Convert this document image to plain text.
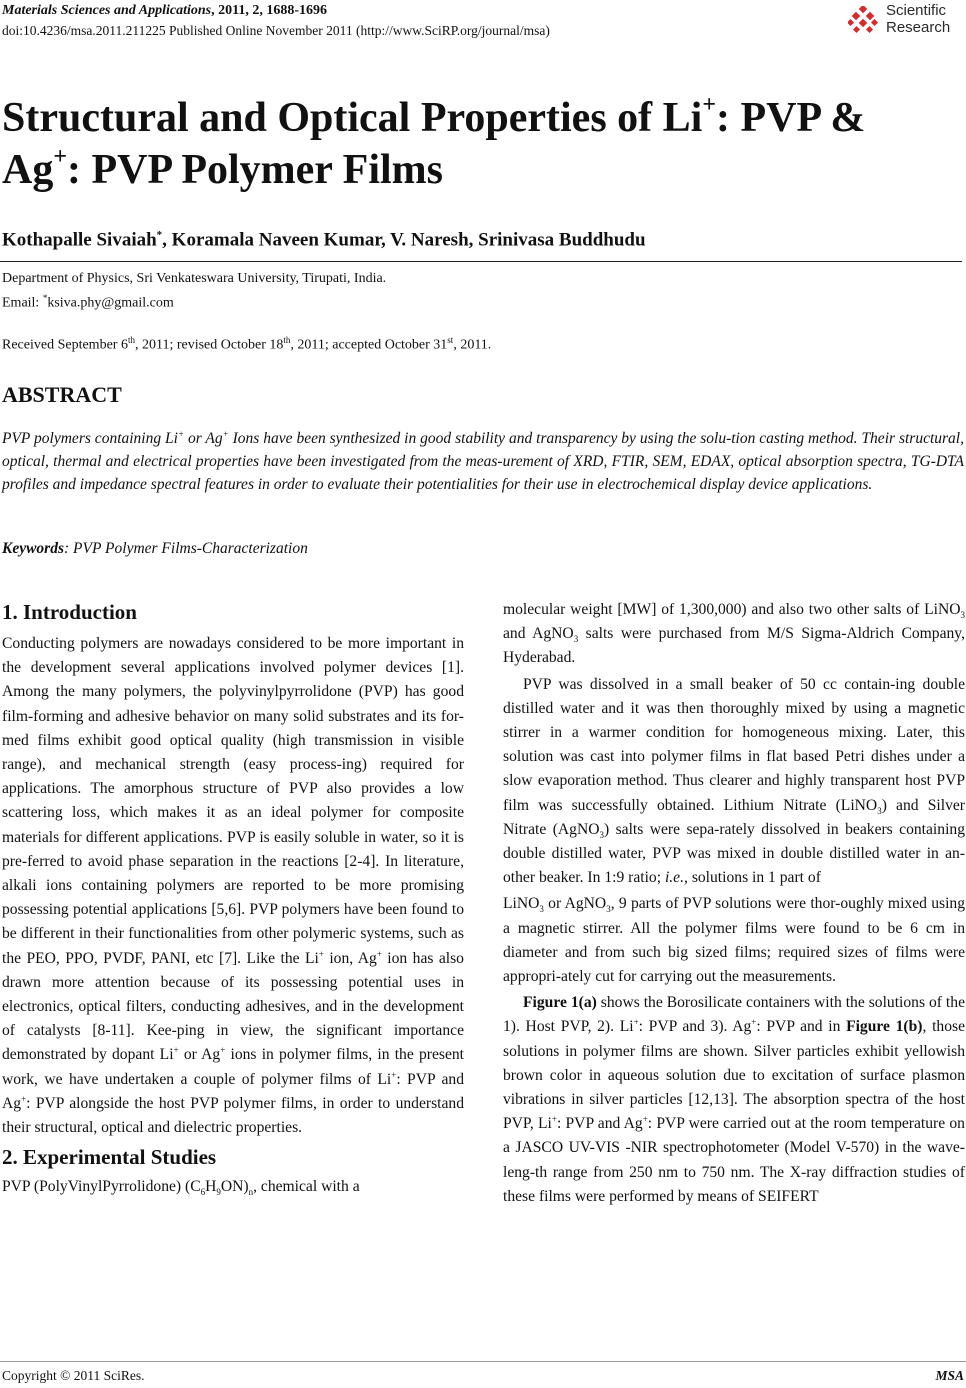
Materials Sciences and Applications, 2011, 2, 1688-1696
doi:10.4236/msa.2011.211225 Published Online November 2011 (http://www.SciRP.org/journal/msa)
Scientific
Research
Structural and Optical Properties of Li+: PVP &
Ag+: PVP Polymer Films
Kothapalle Sivaiah*, Koramala Naveen Kumar, V. Naresh, Srinivasa Buddhudu
Department of Physics, Sri Venkateswara University, Tirupati, India.
Email: *ksiva.phy@gmail.com
Received September 6th, 2011; revised October 18th, 2011; accepted October 31st, 2011.
ABSTRACT
PVP polymers containing Li+ or Ag+ Ions have been synthesized in good stability and transparency by using the solu-tion casting method. Their structural, optical, thermal and electrical properties have been investigated from the meas-urement of XRD, FTIR, SEM, EDAX, optical absorption spectra, TG-DTA profiles and impedance spectral features in order to evaluate their potentialities for their use in electrochemical display device applications.
Keywords: PVP Polymer Films-Characterization
1. Introduction

Conducting polymers are nowadays considered to be more important in the development several applications involved polymer devices [1]. Among the many polymers, the polyvinylpyrrolidone (PVP) has good film-forming and adhesive behavior on many solid substrates and its for-med films exhibit good optical quality (high transmission in visible range), and mechanical strength (easy process-ing) required for applications. The amorphous structure of PVP also provides a low scattering loss, which makes it as an ideal polymer for composite materials for different applications. PVP is easily soluble in water, so it is pre-ferred to avoid phase separation in the reactions [2-4]. In literature, alkali ions containing polymers are reported to be more promising possessing potential applications [5,6]. PVP polymers have been found to be different in their functionalities from other polymeric systems, such as the PEO, PPO, PVDF, PANI, etc [7]. Like the Li+ ion, Ag+ ion has also drawn more attention because of its possessing potential uses in electronics, optical filters, conducting adhesives, and in the development of catalysts [8-11]. Kee-ping in view, the significant importance demonstrated by dopant Li+ or Ag+ ions in polymer films, in the present work, we have undertaken a couple of polymer films of Li+: PVP and Ag+: PVP alongside the host PVP polymer films, in order to understand their structural, optical and dielectric properties.

2. Experimental Studies

PVP (PolyVinylPyrrolidone) $(C_6H_9ON)_n$, chemical with a

molecular weight [MW] of 1,300,000) and also two other salts of LiNO$_3$ and AgNO$_3$ salts were purchased from M/S Sigma-Aldrich Company, Hyderabad.

PVP was dissolved in a small beaker of 50 cc contain-ing double distilled water and it was then thoroughly mixed by using a magnetic stirrer in a warmer condition for homogeneous mixing. Later, this solution was cast into polymer films in flat based Petri dishes under a slow evaporation method. Thus clearer and highly transparent host PVP film was successfully obtained. Lithium Nitrate (LiNO$_3$) and Silver Nitrate (AgNO$_3$) salts were sepa-rately dissolved in beakers containing double distilled water, PVP was mixed in double distilled water in an-other beaker. In 1:9 ratio; i.e., solutions in 1 part of

LiNO$_3$ or AgNO$_3$, 9 parts of PVP solutions were thor-oughly mixed using a magnetic stirrer. All the polymer films were found to be 6 cm in diameter and from such big sized films; required sizes of films were appropri-ately cut for carrying out the measurements.

Figure 1(a) shows the Borosilicate containers with the solutions of the 1). Host PVP, 2). Li+: PVP and 3). Ag+: PVP and in Figure 1(b), those solutions in polymer films are shown. Silver particles exhibit yellowish brown color in aqueous solution due to excitation of surface plasmon vibrations in silver particles [12,13]. The absorption spectra of the host PVP, Li+: PVP and Ag+: PVP were carried out at the room temperature on a JASCO UV-VIS -NIR spectrophotometer (Model V-570) in the wave-leng-th range from 250 nm to 750 nm. The X-ray diffraction studies of these films were performed by means of SEIFERT

Copyright © 2011 SciRes.	MSA
